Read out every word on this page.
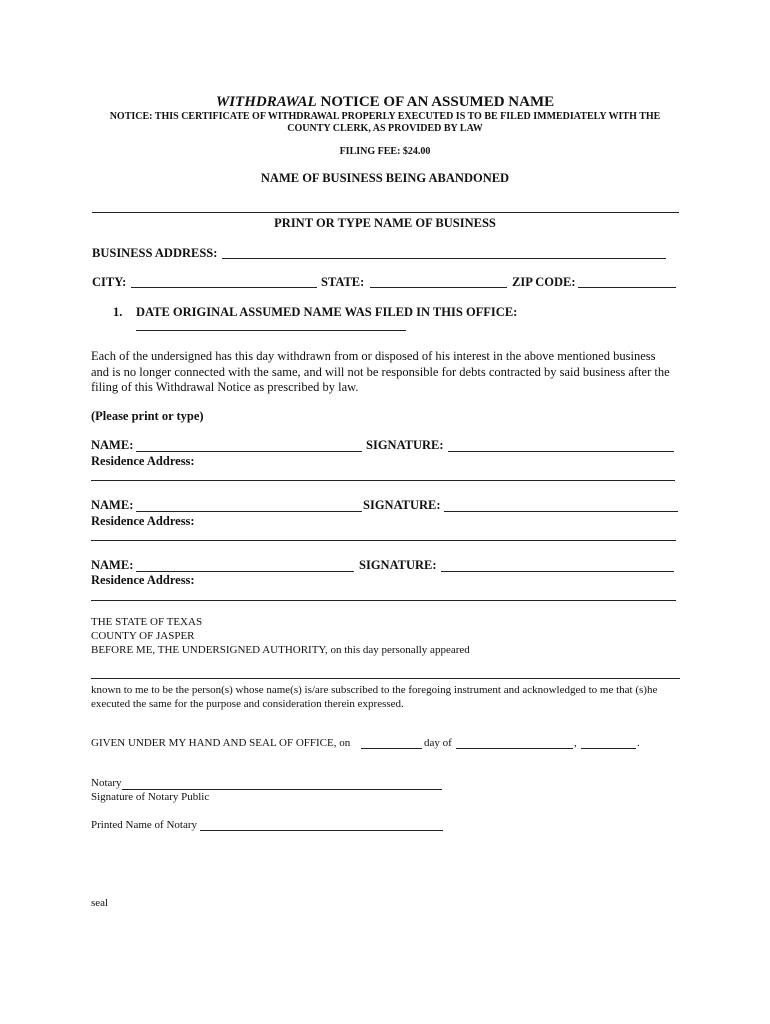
WITHDRAWAL NOTICE OF AN ASSUMED NAME
NOTICE: THIS CERTIFICATE OF WITHDRAWAL PROPERLY EXECUTED IS TO BE FILED IMMEDIATELY WITH THE
COUNTY CLERK, AS PROVIDED BY LAW
FILING FEE: $24.00
NAME OF BUSINESS BEING ABANDONED
PRINT OR TYPE NAME OF BUSINESS
BUSINESS ADDRESS:
CITY:	STATE:	ZIP CODE:
1. DATE ORIGINAL ASSUMED NAME WAS FILED IN THIS OFFICE:
Each of the undersigned has this day withdrawn from or disposed of his interest in the above mentioned business
and is no longer connected with the same, and will not be responsible for debts contracted by said business after the
filing of this Withdrawal Notice as prescribed by law.
(Please print or type)
NAME:	SIGNATURE:
Residence Address:
NAME:	SIGNATURE:
Residence Address:
NAME:	SIGNATURE:
Residence Address:
THE STATE OF TEXAS
COUNTY OF JASPER
BEFORE ME, THE UNDERSIGNED AUTHORITY, on this day personally appeared
known to me to be the person(s) whose name(s) is/are subscribed to the foregoing instrument and acknowledged to me that (s)he
executed the same for the purpose and consideration therein expressed.
GIVEN UNDER MY HAND AND SEAL OF OFFICE, on	day of	,	.
Notary
Signature of Notary Public
Printed Name of Notary
seal
